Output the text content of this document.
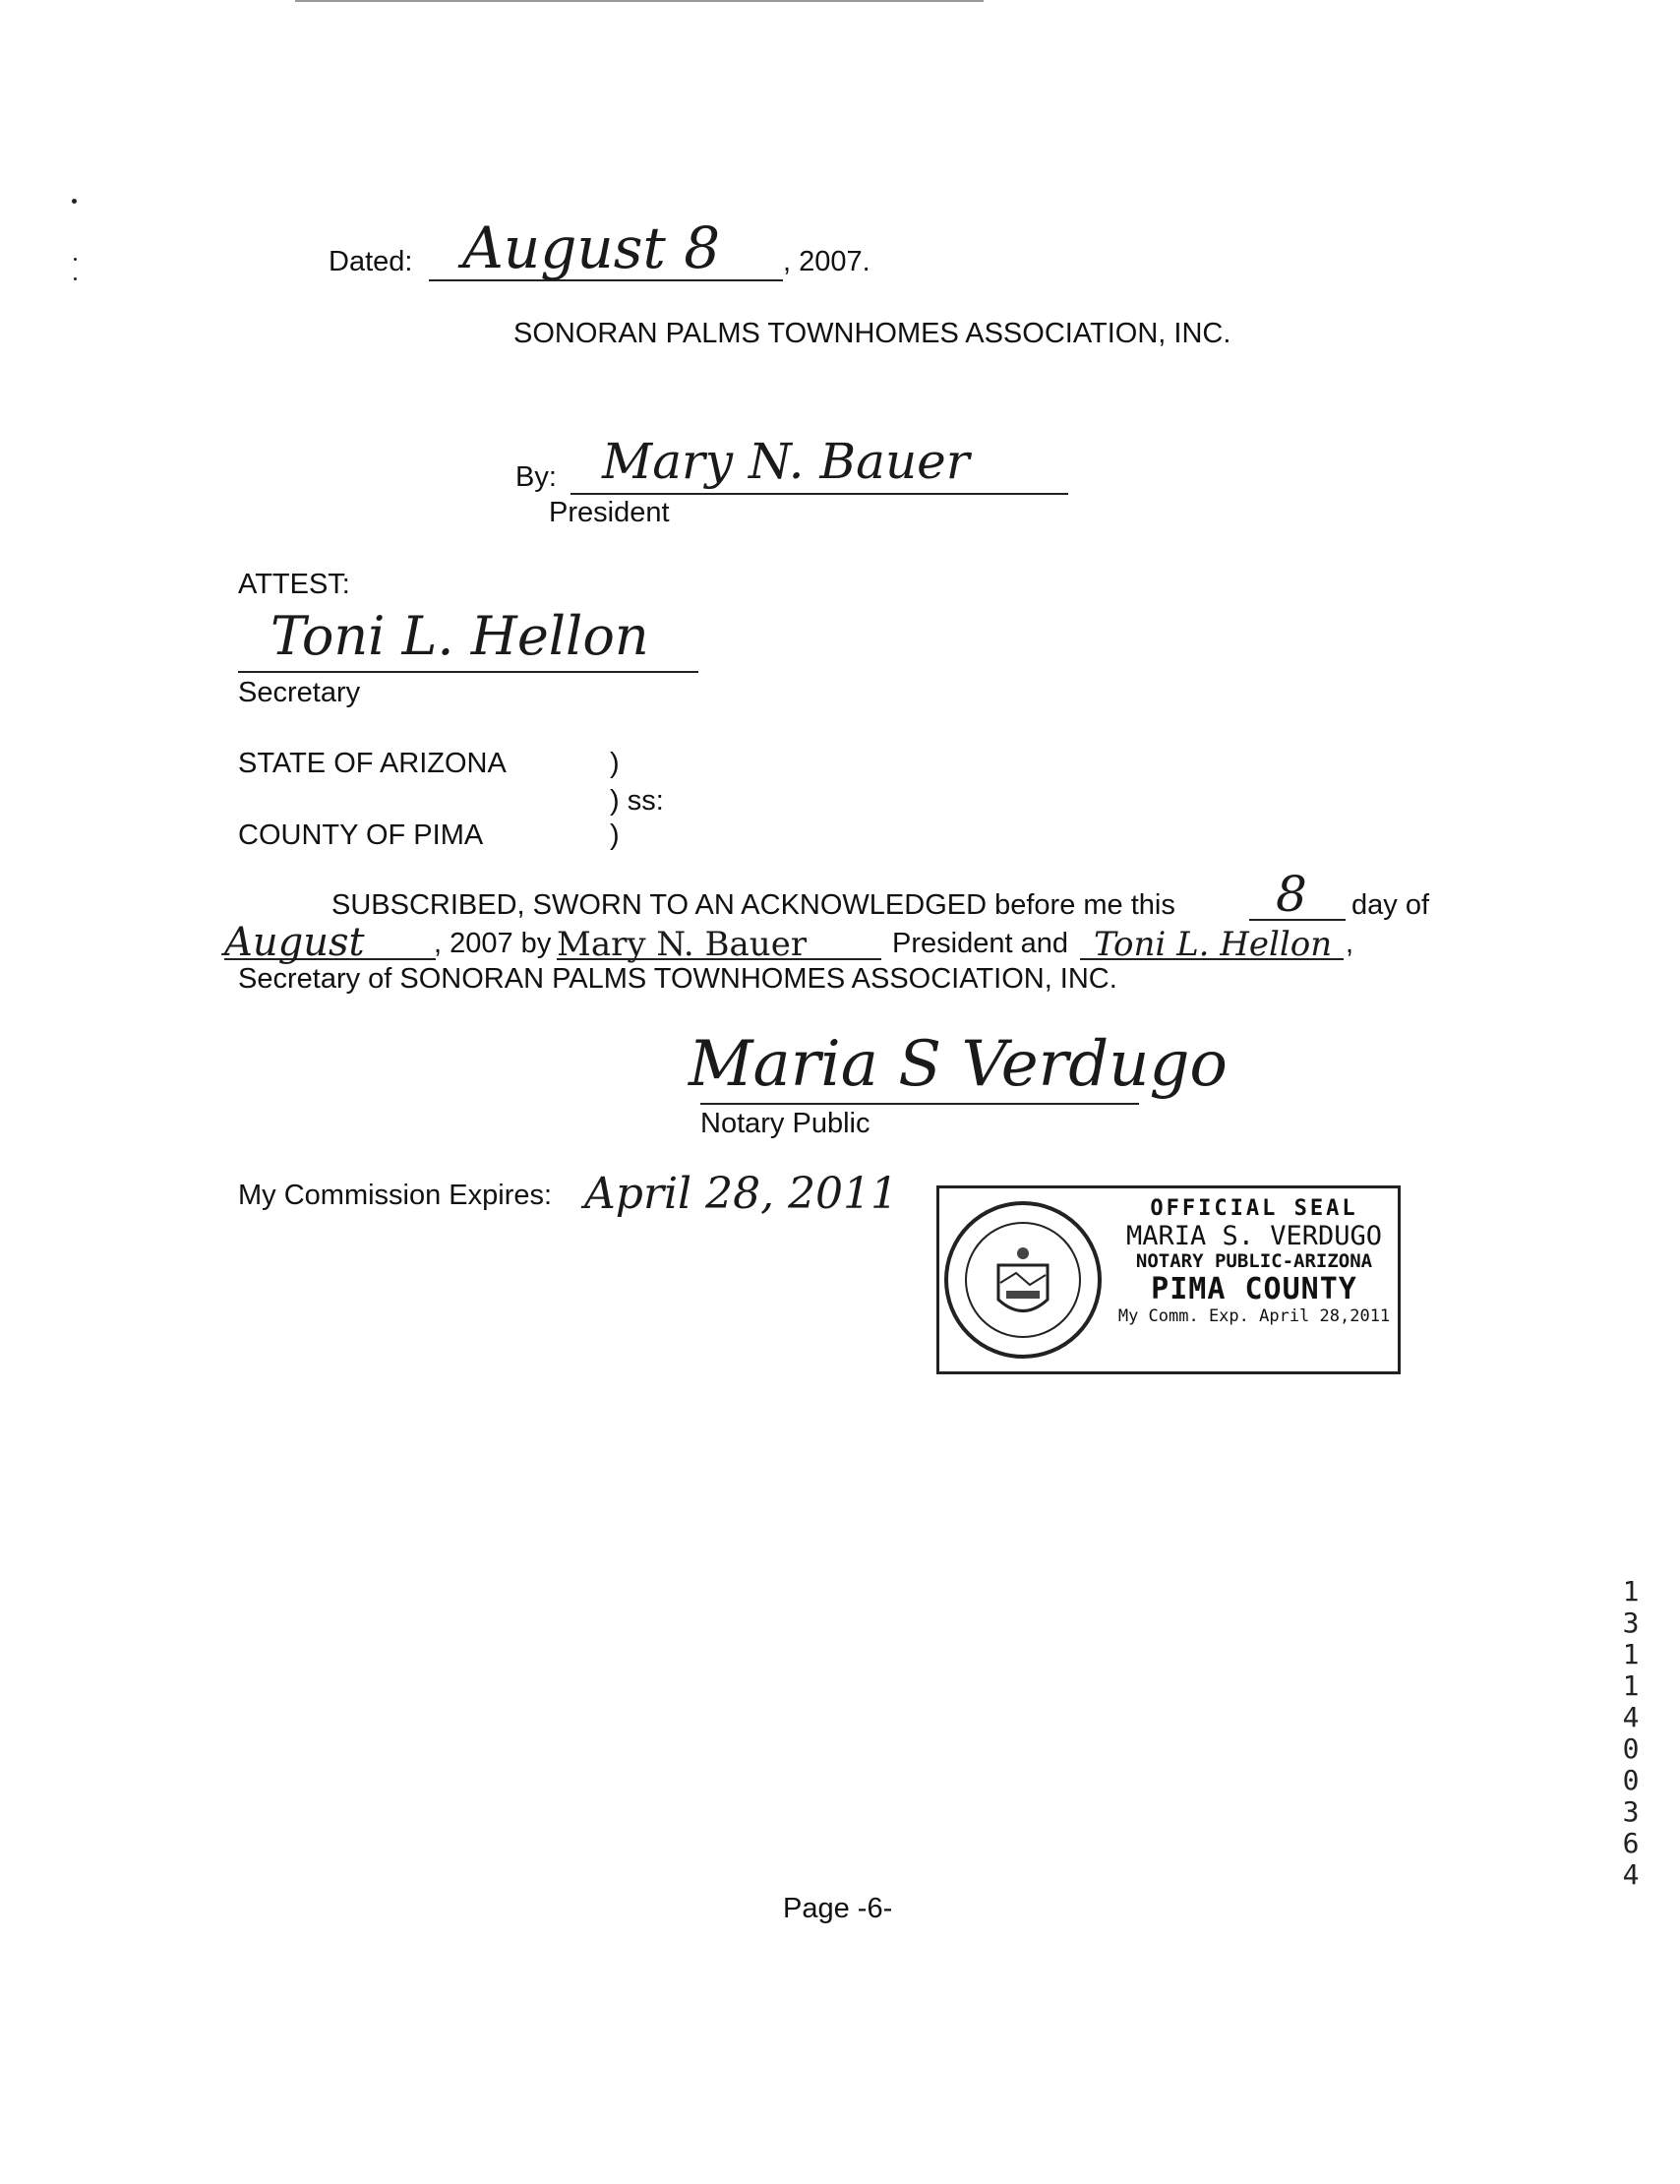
Dated: August 8 , 2007.
SONORAN PALMS TOWNHOMES ASSOCIATION, INC.
By: Mary N. Bauer
President
ATTEST:
Toni L. Hellon
Secretary
STATE OF ARIZONA	)
) ss:
COUNTY OF PIMA	)
SUBSCRIBED, SWORN TO AN ACKNOWLEDGED before me this 8 day of
August , 2007 by Mary N. Bauer	President and Toni L. Hellon ,
Secretary of SONORAN PALMS TOWNHOMES ASSOCIATION, INC.
Maria S Verdugo
Notary Public
My Commission Expires: April 28, 2011	OFFICIAL SEAL
MARIA S. VERDUGO
NOTARY PUBLIC-ARIZONA
PIMA COUNTY
My Comm. Exp. April 28,2011
1
3
1
1
4
0
0
3
6
4
Page -6-
